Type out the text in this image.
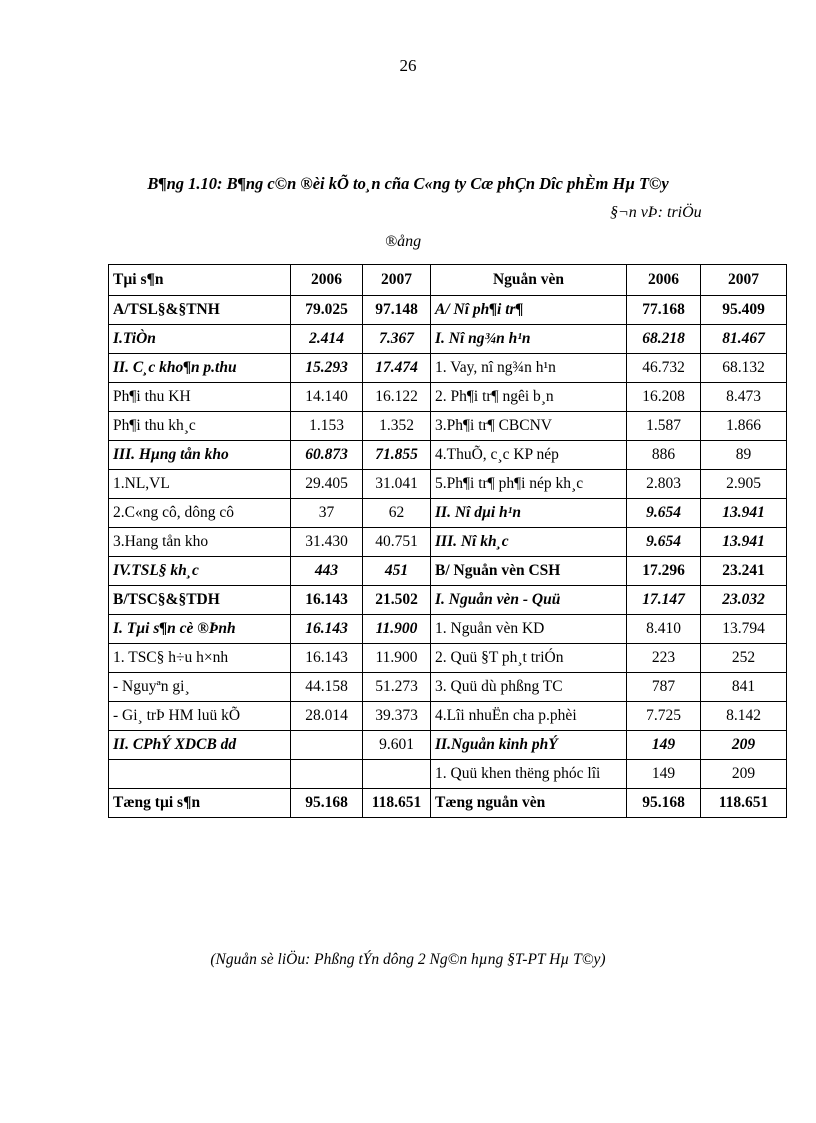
26
B¶ng 1.10: B¶ng c©n ®èi kÕ to¸n cña C«ng ty Cæ phÇn Dîc phÈm Hµ T©y
§¬n vÞ: triÖu
®ång
Tµi s¶n	2006	2007	Nguån vèn	2006	2007
A/TSL§&§TNH	79.025	97.148	A/ Nî ph¶i tr¶	77.168	95.409
I.TiÒn	2.414	7.367	I. Nî ng¾n h¹n	68.218	81.467
II. C¸c kho¶n p.thu	15.293	17.474	1. Vay, nî ng¾n h¹n	46.732	68.132
Ph¶i thu KH	14.140	16.122	2. Ph¶i tr¶ ngêi b¸n	16.208	8.473
Ph¶i thu kh¸c	1.153	1.352	3.Ph¶i tr¶ CBCNV	1.587	1.866
III. Hµng tån kho	60.873	71.855	4.ThuÕ, c¸c KP nép	886	89
1.NL,VL	29.405	31.041	5.Ph¶i tr¶ ph¶i nép kh¸c	2.803	2.905
2.C«ng cô, dông cô	37	62	II. Nî dµi h¹n	9.654	13.941
3.Hang tån kho	31.430	40.751	III. Nî kh¸c	9.654	13.941
IV.TSL§ kh¸c	443	451	B/ Nguån vèn CSH	17.296	23.241
B/TSC§&§TDH	16.143	21.502	I. Nguån vèn - Quü	17.147	23.032
I. Tµi s¶n cè ®Þnh	16.143	11.900	1. Nguån vèn KD	8.410	13.794
1. TSC§ h÷u h×nh	16.143	11.900	2. Quü §T ph¸t triÓn	223	252
- Nguyªn gi¸	44.158	51.273	3. Quü dù phßng TC	787	841
- Gi¸ trÞ HM luü kÕ	28.014	39.373	4.Lîi nhuËn cha p.phèi	7.725	8.142
II. CPhÝ XDCB dd		9.601	II.Nguån kinh phÝ	149	209
			1. Quü khen thëng phóc lîi	149	209
Tæng tµi s¶n	95.168	118.651	Tæng nguån vèn	95.168	118.651
(Nguån sè liÖu: Phßng tÝn dông 2 Ng©n hµng §T-PT Hµ T©y)
